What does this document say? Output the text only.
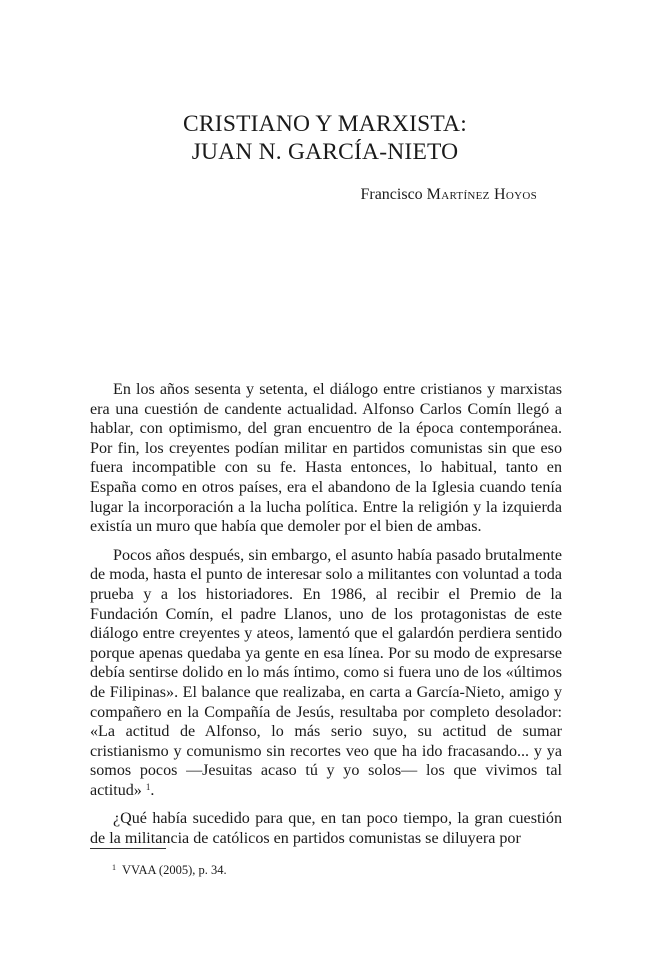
CRISTIANO Y MARXISTA:
JUAN N. GARCÍA-NIETO
Francisco Martínez Hoyos

En los años sesenta y setenta, el diálogo entre cristianos y marxistas era una cuestión de candente actualidad. Alfonso Carlos Comín llegó a hablar, con optimismo, del gran encuentro de la época contemporánea. Por fin, los creyentes podían militar en partidos comunistas sin que eso fuera incompatible con su fe. Hasta entonces, lo habitual, tanto en España como en otros países, era el abandono de la Iglesia cuando tenía lugar la incorporación a la lucha política. Entre la religión y la izquierda existía un muro que había que demoler por el bien de ambas.

Pocos años después, sin embargo, el asunto había pasado brutalmente de moda, hasta el punto de interesar solo a militantes con voluntad a toda prueba y a los historiadores. En 1986, al recibir el Premio de la Fundación Comín, el padre Llanos, uno de los protagonistas de este diálogo entre creyentes y ateos, lamentó que el galardón perdiera sentido porque apenas quedaba ya gente en esa línea. Por su modo de expresarse debía sentirse dolido en lo más íntimo, como si fuera uno de los «últimos de Filipinas». El balance que realizaba, en carta a García-Nieto, amigo y compañero en la Compañía de Jesús, resultaba por completo desolador: «La actitud de Alfonso, lo más serio suyo, su actitud de sumar cristianismo y comunismo sin recortes veo que ha ido fracasando... y ya somos pocos —Jesuitas acaso tú y yo solos— los que vivimos tal actitud» $^1$.

¿Qué había sucedido para que, en tan poco tiempo, la gran cuestión de la militancia de católicos en partidos comunistas se diluyera por

$^1$ VVAA (2005), p. 34.
